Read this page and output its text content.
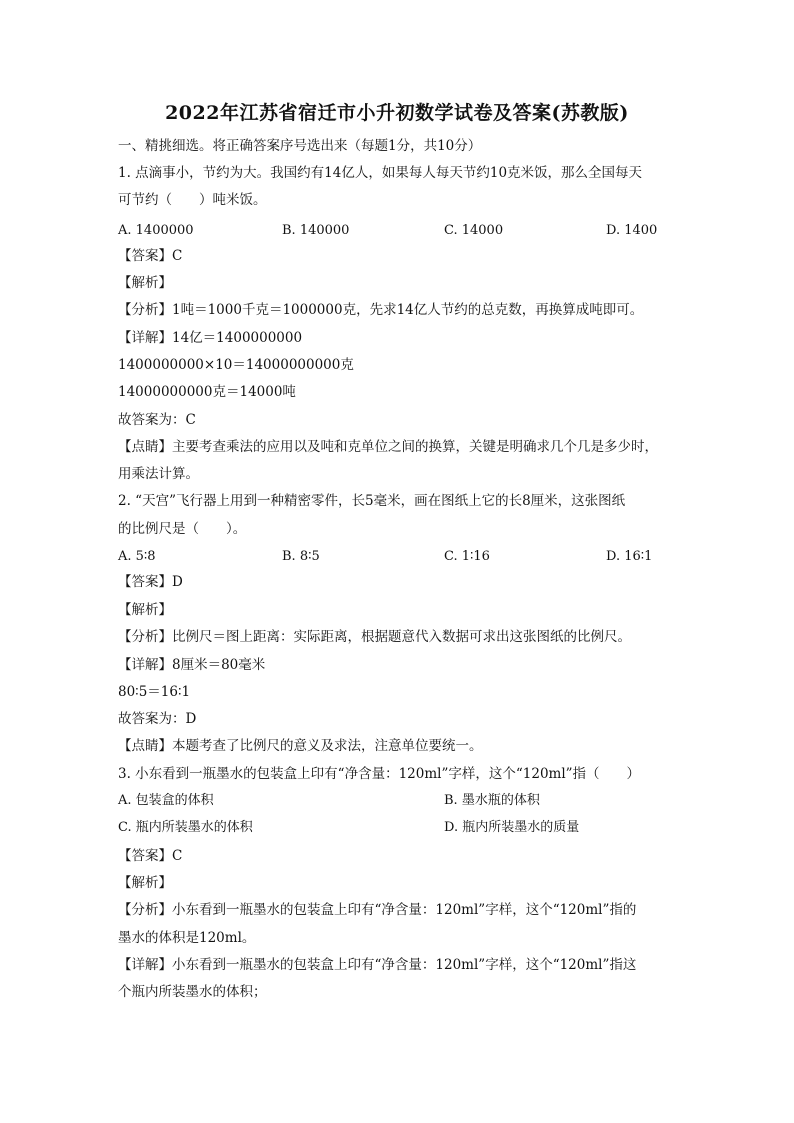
2022年江苏省宿迁市小升初数学试卷及答案(苏教版)
一、精挑细选。将正确答案序号选出来（每题1分，共10分）
1. 点滴事小，节约为大。我国约有14亿人，如果每人每天节约10克米饭，那么全国每天
可节约（　　）吨米饭。
A. 1400000	B. 140000	C. 14000	D. 1400
【答案】C
【解析】
【分析】1吨＝1000千克＝1000000克，先求14亿人节约的总克数，再换算成吨即可。
【详解】14亿＝1400000000
1400000000×10＝14000000000克
14000000000克＝14000吨
故答案为：C
【点睛】主要考查乘法的应用以及吨和克单位之间的换算，关键是明确求几个几是多少时，
用乘法计算。
2. “天宫”飞行器上用到一种精密零件，长5毫米，画在图纸上它的长8厘米，这张图纸
的比例尺是（　　）。
A. 5∶8	B. 8∶5	C. 1∶16	D. 16∶1
【答案】D
【解析】
【分析】比例尺＝图上距离：实际距离，根据题意代入数据可求出这张图纸的比例尺。
【详解】8厘米＝80毫米
80∶5＝16∶1
故答案为：D
【点睛】本题考查了比例尺的意义及求法，注意单位要统一。
3. 小东看到一瓶墨水的包装盒上印有“净含量：120ml”字样，这个“120ml”指（　　）
A. 包装盒的体积	B. 墨水瓶的体积
C. 瓶内所装墨水的体积	D. 瓶内所装墨水的质量
【答案】C
【解析】
【分析】小东看到一瓶墨水的包装盒上印有“净含量：120ml”字样，这个“120ml”指的
墨水的体积是120ml。
【详解】小东看到一瓶墨水的包装盒上印有“净含量：120ml”字样，这个“120ml”指这
个瓶内所装墨水的体积；
